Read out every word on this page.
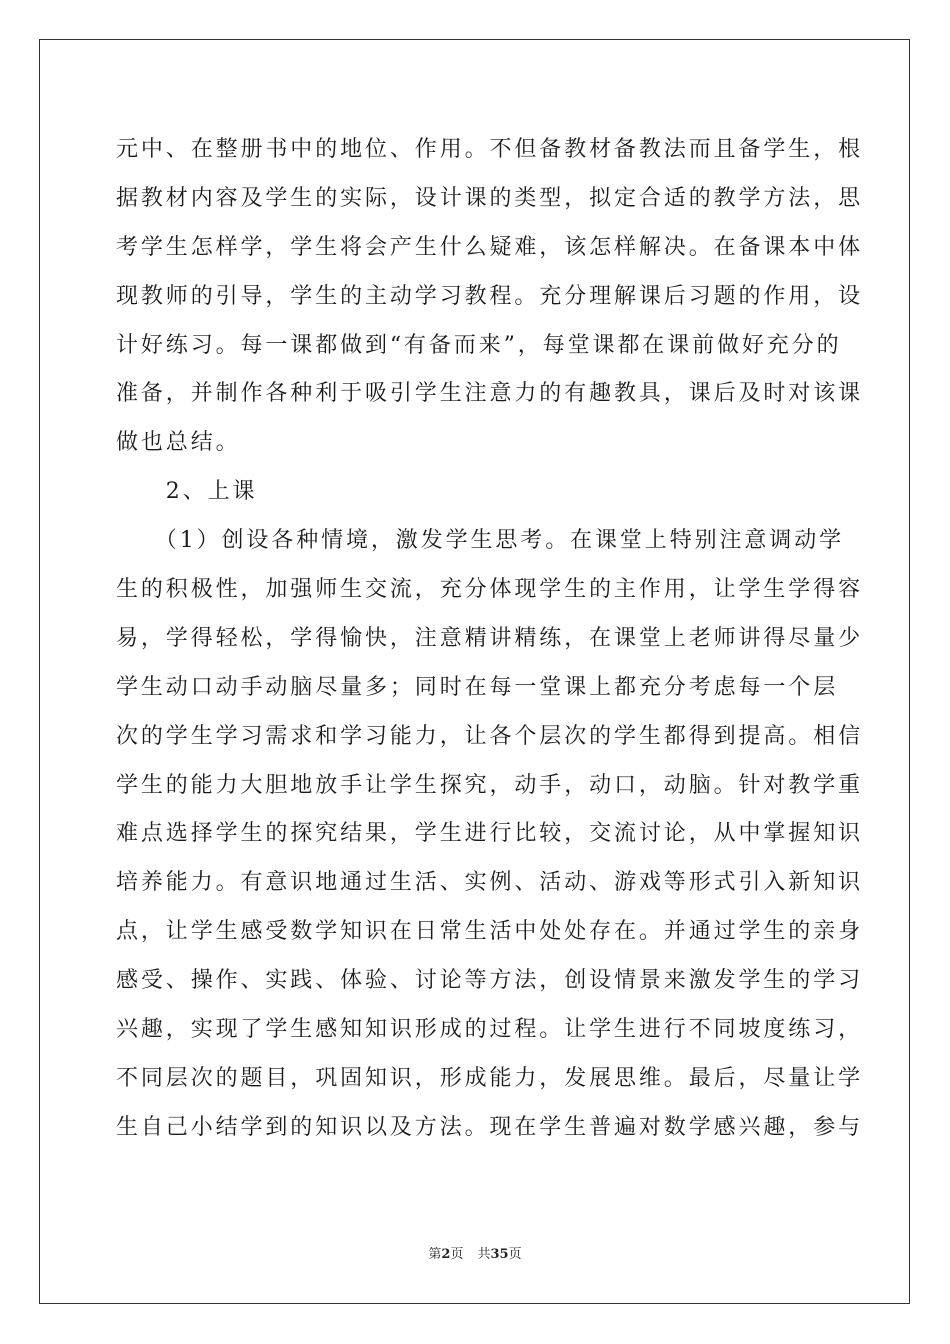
元中、在整册书中的地位、作用。不但备教材备教法而且备学生，根
据教材内容及学生的实际，设计课的类型，拟定合适的教学方法，思
考学生怎样学，学生将会产生什么疑难，该怎样解决。在备课本中体
现教师的引导，学生的主动学习教程。充分理解课后习题的作用，设
计好练习。每一课都做到“有备而来”，每堂课都在课前做好充分的
准备，并制作各种利于吸引学生注意力的有趣教具，课后及时对该课
做也总结。
　　2、上课
　　（1）创设各种情境，激发学生思考。在课堂上特别注意调动学
生的积极性，加强师生交流，充分体现学生的主作用，让学生学得容
易，学得轻松，学得愉快，注意精讲精练，在课堂上老师讲得尽量少
学生动口动手动脑尽量多；同时在每一堂课上都充分考虑每一个层
次的学生学习需求和学习能力，让各个层次的学生都得到提高。相信
学生的能力大胆地放手让学生探究，动手，动口，动脑。针对教学重
难点选择学生的探究结果，学生进行比较，交流讨论，从中掌握知识
培养能力。有意识地通过生活、实例、活动、游戏等形式引入新知识
点，让学生感受数学知识在日常生活中处处存在。并通过学生的亲身
感受、操作、实践、体验、讨论等方法，创设情景来激发学生的学习
兴趣，实现了学生感知知识形成的过程。让学生进行不同坡度练习，
不同层次的题目，巩固知识，形成能力，发展思维。最后，尽量让学
生自己小结学到的知识以及方法。现在学生普遍对数学感兴趣，参与
第2页 共35页
